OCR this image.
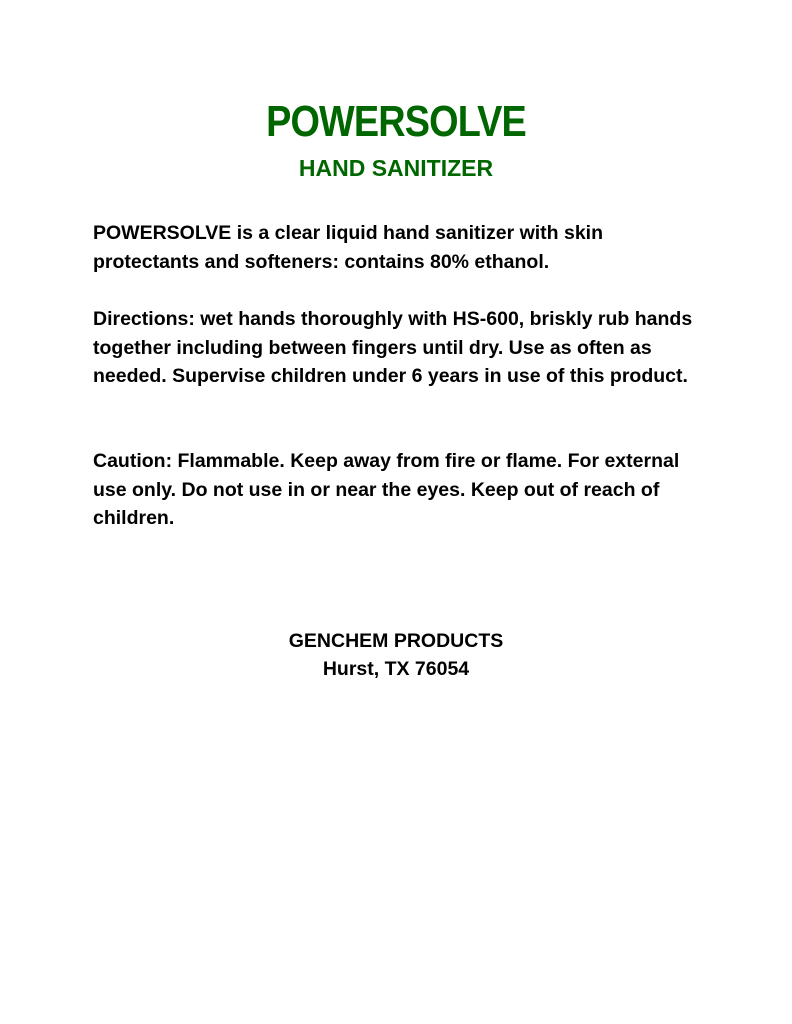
POWERSOLVE
HAND SANITIZER

POWERSOLVE is a clear liquid hand sanitizer with skin protectants and softeners: contains 80% ethanol.

Directions: wet hands thoroughly with HS-600, briskly rub hands together including between fingers until dry. Use as often as needed. Supervise children under 6 years in use of this product.

Caution: Flammable. Keep away from fire or flame. For external use only. Do not use in or near the eyes. Keep out of reach of children.

GENCHEM PRODUCTS
Hurst, TX 76054
